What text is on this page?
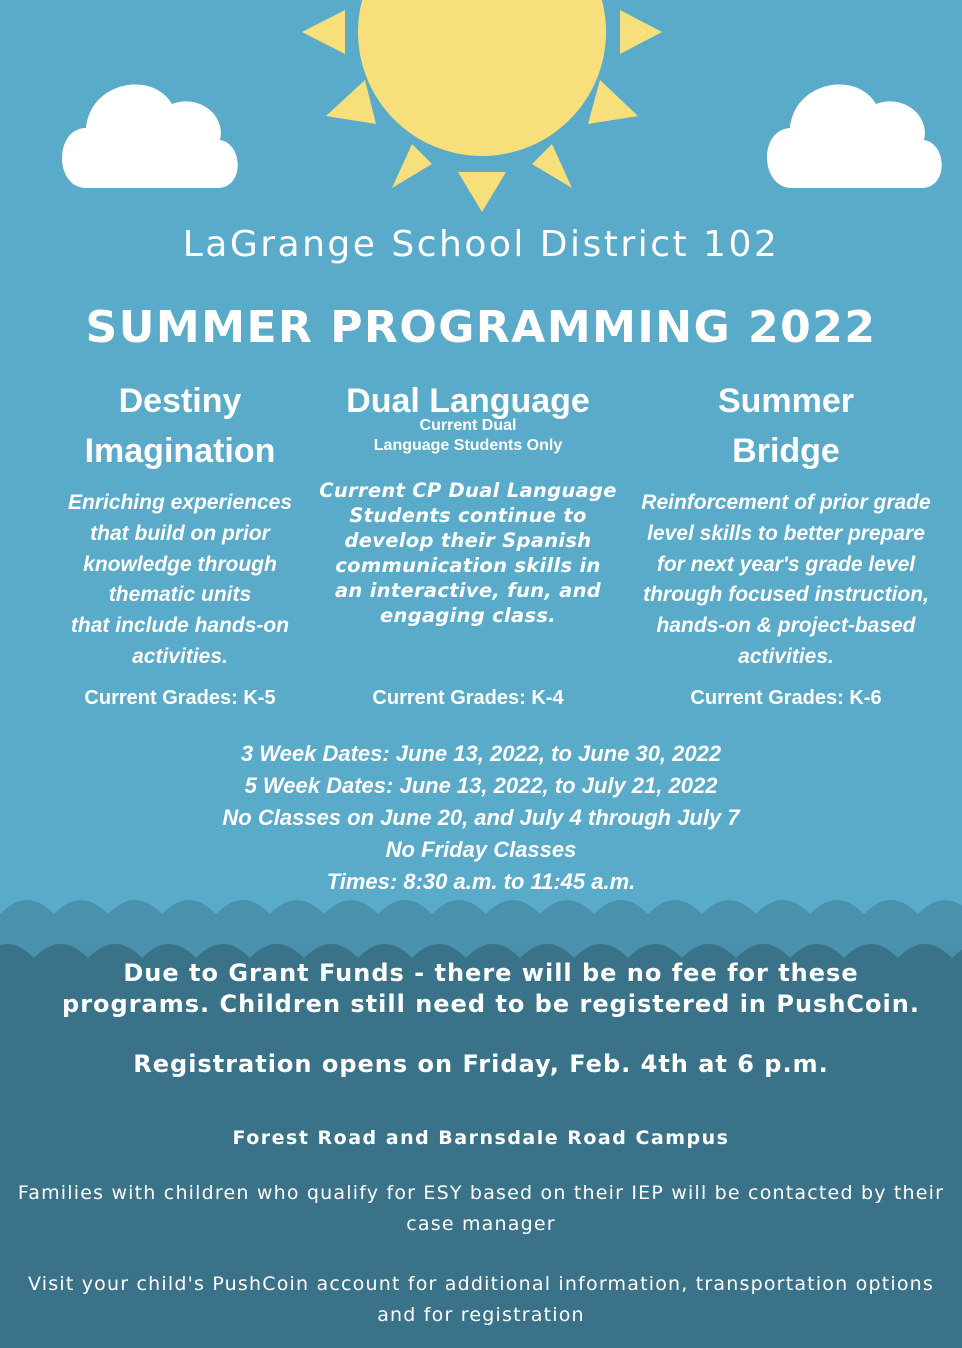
LaGrange School District 102
SUMMER PROGRAMMING 2022
Destiny
Imagination
Enriching experiences
that build on prior
knowledge through
thematic units
that include hands-on
activities.
Current Grades: K-5
Dual Language
Current Dual
Language Students Only
Current CP Dual Language
Students continue to
develop their Spanish
communication skills in
an interactive, fun, and
engaging class.
Current Grades: K-4
Summer
Bridge
Reinforcement of prior grade
level skills to better prepare
for next year's grade level
through focused instruction,
hands-on & project-based
activities.
Current Grades: K-6
3 Week Dates: June 13, 2022, to June 30, 2022
5 Week Dates: June 13, 2022, to July 21, 2022
No Classes on June 20, and July 4 through July 7
No Friday Classes
Times: 8:30 a.m. to 11:45 a.m.
Due to Grant Funds - there will be no fee for these
programs. Children still need to be registered in PushCoin.
Registration opens on Friday, Feb. 4th at 6 p.m.
Forest Road and Barnsdale Road Campus
Families with children who qualify for ESY based on their IEP will be contacted by their case manager
Visit your child's PushCoin account for additional information, transportation options and for registration
